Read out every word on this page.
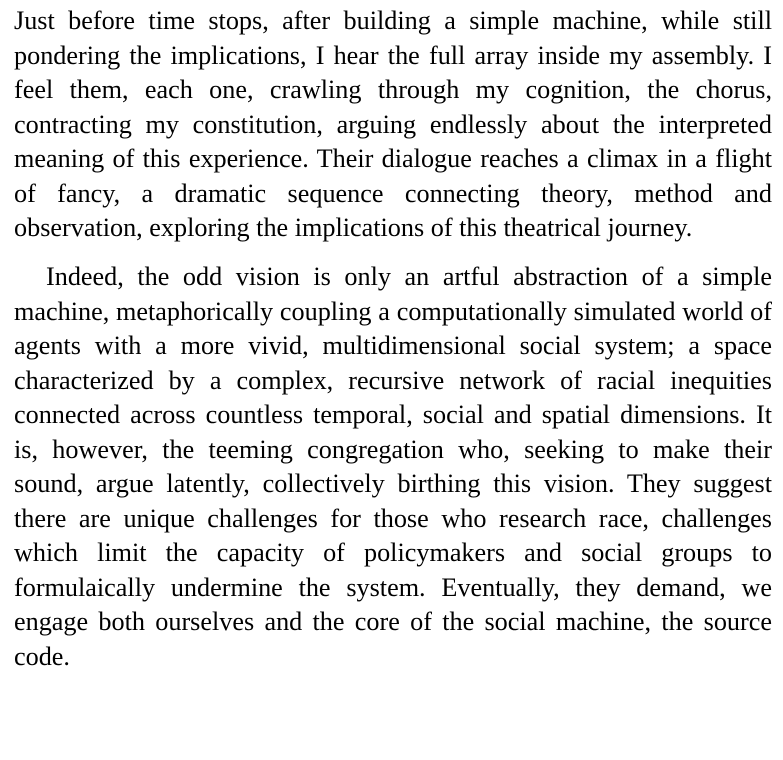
Just before time stops, after building a simple machine, while still pondering the implications, I hear the full array inside my assembly. I feel them, each one, crawling through my cognition, the chorus, contracting my constitution, arguing endlessly about the interpreted meaning of this experience. Their dialogue reaches a climax in a flight of fancy, a dramatic sequence connecting theory, method and observation, exploring the implications of this theatrical journey.

Indeed, the odd vision is only an artful abstraction of a simple machine, metaphorically coupling a computationally simulated world of agents with a more vivid, multidimensional social system; a space characterized by a complex, recursive network of racial inequities connected across countless temporal, social and spatial dimensions. It is, however, the teeming congregation who, seeking to make their sound, argue latently, collectively birthing this vision. They suggest there are unique challenges for those who research race, challenges which limit the capacity of policymakers and social groups to formulaically undermine the system. Eventually, they demand, we engage both ourselves and the core of the social machine, the source code.
